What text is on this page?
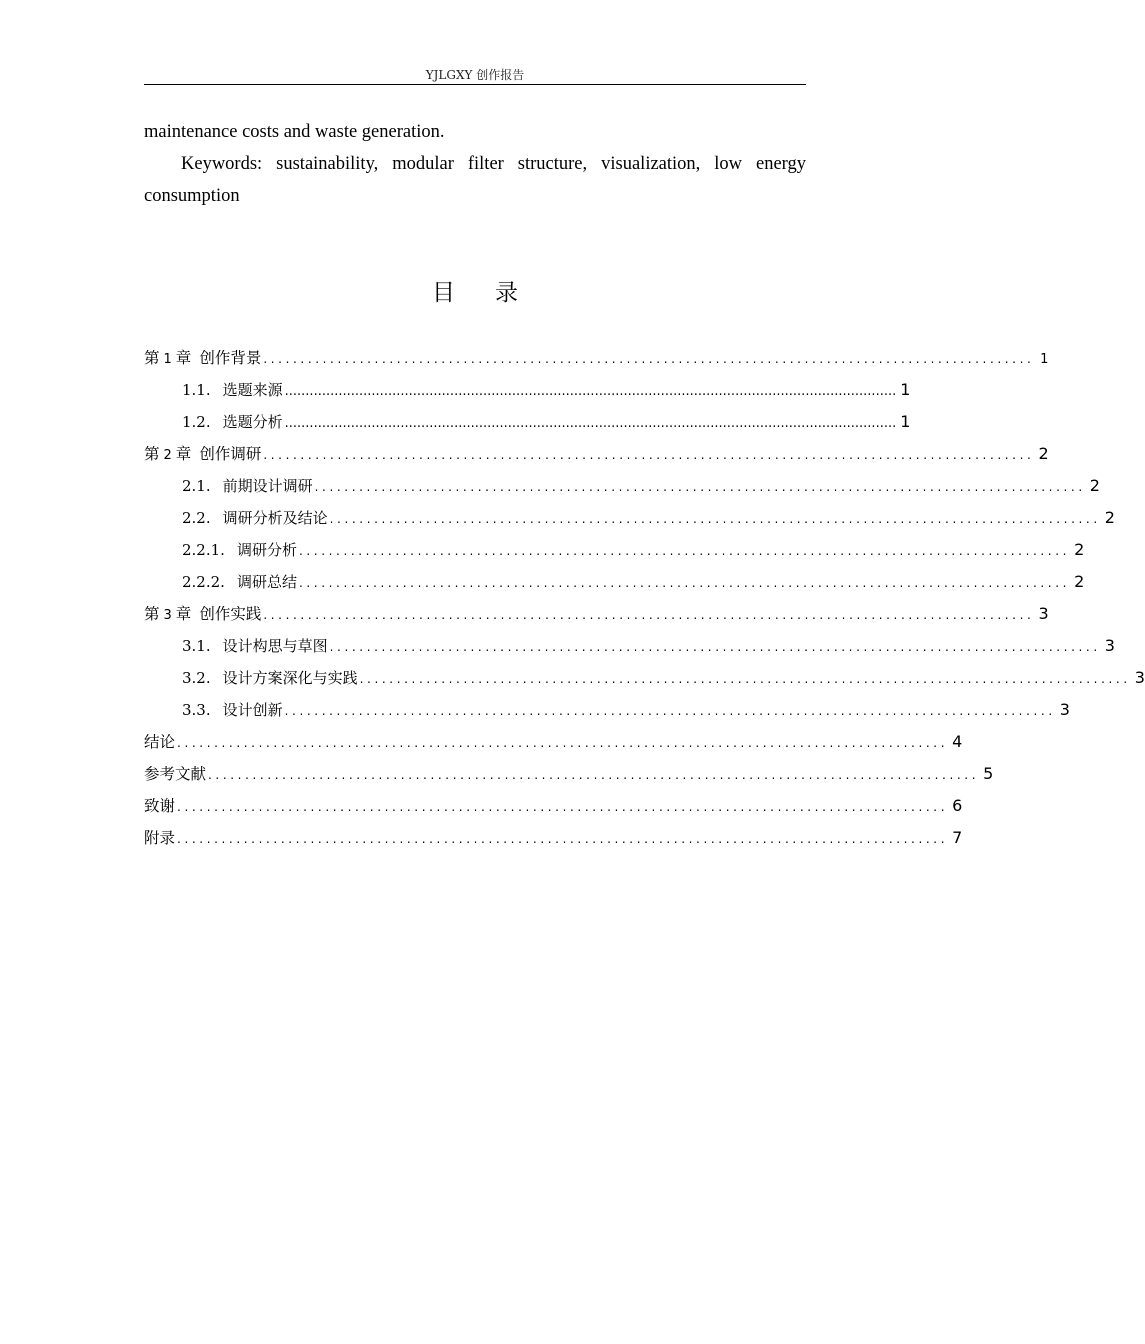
YJLGXY 创作报告

maintenance costs and waste generation.

Keywords: sustainability, modular filter structure, visualization, low energy consumption

目 录
第 1 章 创作背景 ........................................................................................................ 1
1.1. 选题来源 .................................................................................................................................................... 1
1.2. 选题分析 .................................................................................................................................................... 1
第 2 章 创作调研 ........................................................................................................ 2
2.1. 前期设计调研 ........................................................................................................ 2
2.2. 调研分析及结论 ........................................................................................................ 2
2.2.1. 调研分析 ........................................................................................................ 2
2.2.2. 调研总结 ........................................................................................................ 2
第 3 章 创作实践 ........................................................................................................ 3
3.1. 设计构思与草图 ........................................................................................................ 3
3.2. 设计方案深化与实践 ........................................................................................................ 3
3.3. 设计创新 ........................................................................................................ 3
结 论 ........................................................................................................ 4
参考文献 ........................................................................................................ 5
致 谢 ........................................................................................................ 6
附 录 ........................................................................................................ 7
